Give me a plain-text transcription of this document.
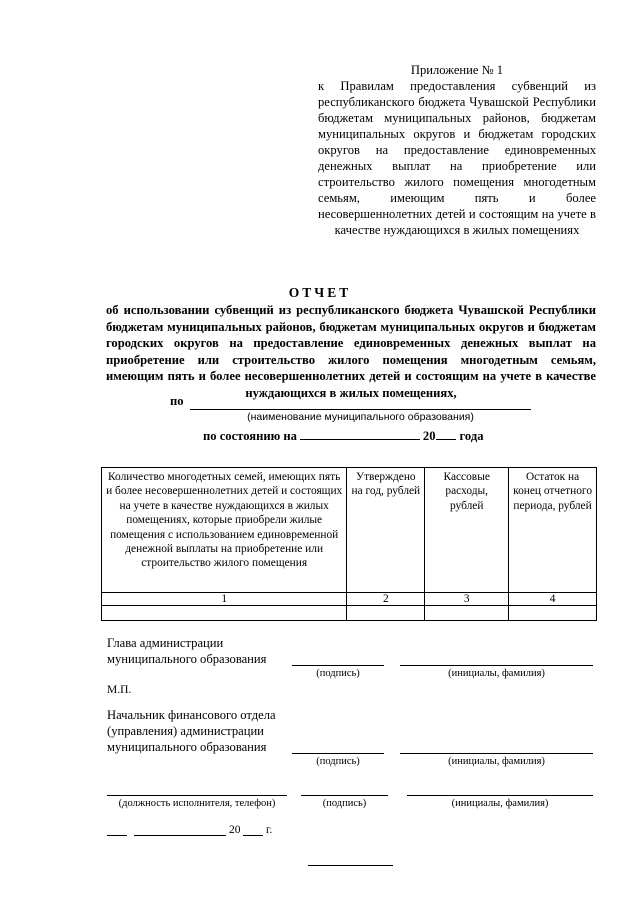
Приложение № 1
к Правилам предоставления субвенций из республиканского бюджета Чувашской Республики бюджетам муниципальных районов, бюджетам муниципальных округов и бюджетам городских округов на предоставление единовременных денежных выплат на приобретение или строительство жилого помещения многодетным семьям, имеющим пять и более несовершеннолетних детей и состоящим на учете в качестве нуждающихся в жилых помещениях
ОТЧЕТ
об использовании субвенций из республиканского бюджета Чувашской Республики бюджетам муниципальных районов, бюджетам муниципальных округов и бюджетам городских округов на предоставление единовременных денежных выплат на приобретение или строительство жилого помещения многодетным семьям, имеющим пять и более несовершеннолетних детей и состоящим на учете в качестве нуждающихся в жилых помещениях,
по
(наименование муниципального образования)
по состоянию на	20 года
Количество многодетных семей, имеющих пять и более несовершеннолетних детей и состоящих на учете в качестве нуждающихся в жилых помещениях, которые приобрели жилые помещения с использованием единовременной денежной выплаты на приобретение или строительство жилого помещения	Утверждено на год, рублей	Кассовые расходы, рублей	Остаток на конец отчетного периода, рублей
1	2	3	4

Глава администрации
муниципального образования
(подпись)	(инициалы, фамилия)
М.П.
Начальник финансового отдела
(управления) администрации
муниципального образования
(подпись)	(инициалы, фамилия)
(должность исполнителя, телефон)	(подпись)	(инициалы, фамилия)
20 г.
